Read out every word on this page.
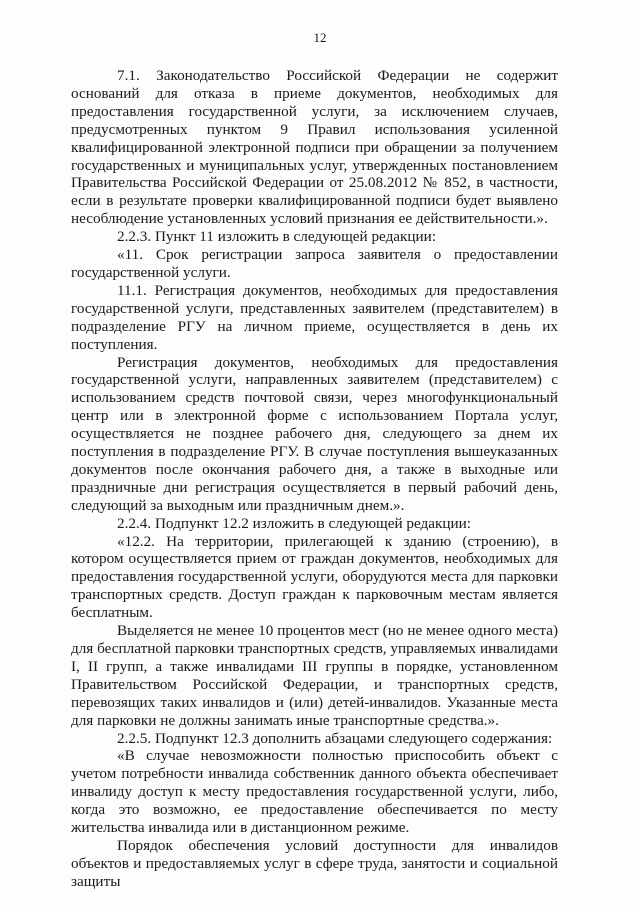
12

7.1. Законодательство Российской Федерации не содержит оснований для отказа в приеме документов, необходимых для предоставления государственной услуги, за исключением случаев, предусмотренных пунктом 9 Правил использования усиленной квалифицированной электронной подписи при обращении за получением государственных и муниципальных услуг, утвержденных постановлением Правительства Российской Федерации от 25.08.2012 № 852, в частности, если в результате проверки квалифицированной подписи будет выявлено несоблюдение установленных условий признания ее действительности.».

2.2.3. Пункт 11 изложить в следующей редакции:

«11. Срок регистрации запроса заявителя о предоставлении государственной услуги.

11.1. Регистрация документов, необходимых для предоставления государственной услуги, представленных заявителем (представителем) в подразделение РГУ на личном приеме, осуществляется в день их поступления.

Регистрация документов, необходимых для предоставления государственной услуги, направленных заявителем (представителем) с использованием средств почтовой связи, через многофункциональный центр или в электронной форме с использованием Портала услуг, осуществляется не позднее рабочего дня, следующего за днем их поступления в подразделение РГУ. В случае поступления вышеуказанных документов после окончания рабочего дня, а также в выходные или праздничные дни регистрация осуществляется в первый рабочий день, следующий за выходным или праздничным днем.».

2.2.4. Подпункт 12.2 изложить в следующей редакции:

«12.2. На территории, прилегающей к зданию (строению), в котором осуществляется прием от граждан документов, необходимых для предоставления государственной услуги, оборудуются места для парковки транспортных средств. Доступ граждан к парковочным местам является бесплатным.

Выделяется не менее 10 процентов мест (но не менее одного места) для бесплатной парковки транспортных средств, управляемых инвалидами I, II групп, а также инвалидами III группы в порядке, установленном Правительством Российской Федерации, и транспортных средств, перевозящих таких инвалидов и (или) детей-инвалидов. Указанные места для парковки не должны занимать иные транспортные средства.».

2.2.5. Подпункт 12.3 дополнить абзацами следующего содержания:

«В случае невозможности полностью приспособить объект с учетом потребности инвалида собственник данного объекта обеспечивает инвалиду доступ к месту предоставления государственной услуги, либо, когда это возможно, ее предоставление обеспечивается по месту жительства инвалида или в дистанционном режиме.

Порядок обеспечения условий доступности для инвалидов объектов и предоставляемых услуг в сфере труда, занятости и социальной защиты
